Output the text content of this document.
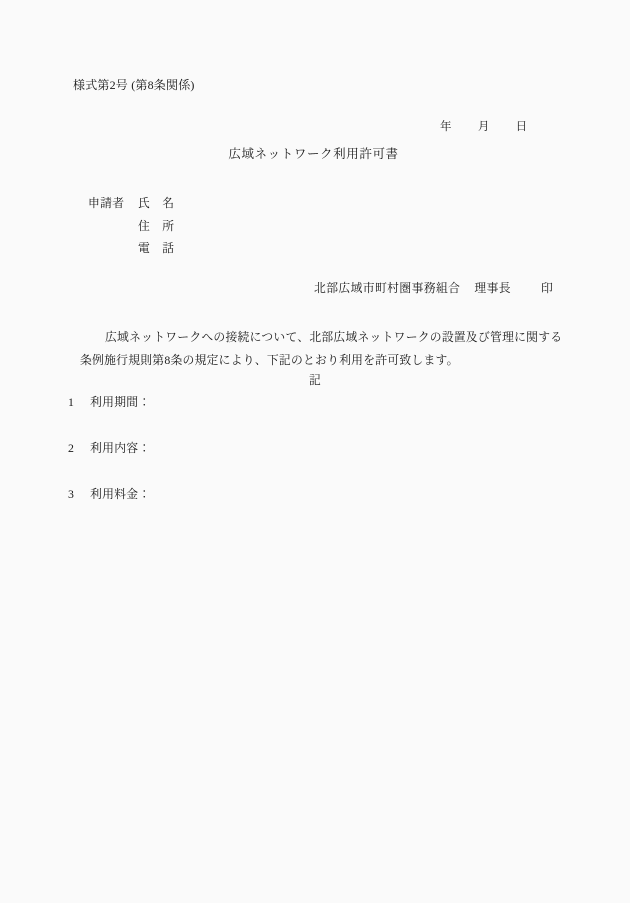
様式第2号 (第8条関係)
年 月 日
広域ネットワーク利用許可書
申請者 氏　名
住　所
電　話
北部広域市町村圏事務組合 理事長	印
広域ネットワークへの接続について、北部広域ネットワークの設置及び管理に関する
条例施行規則第8条の規定により、下記のとおり利用を許可致します。
記
1 利用期間：
2 利用内容：
3 利用料金：
